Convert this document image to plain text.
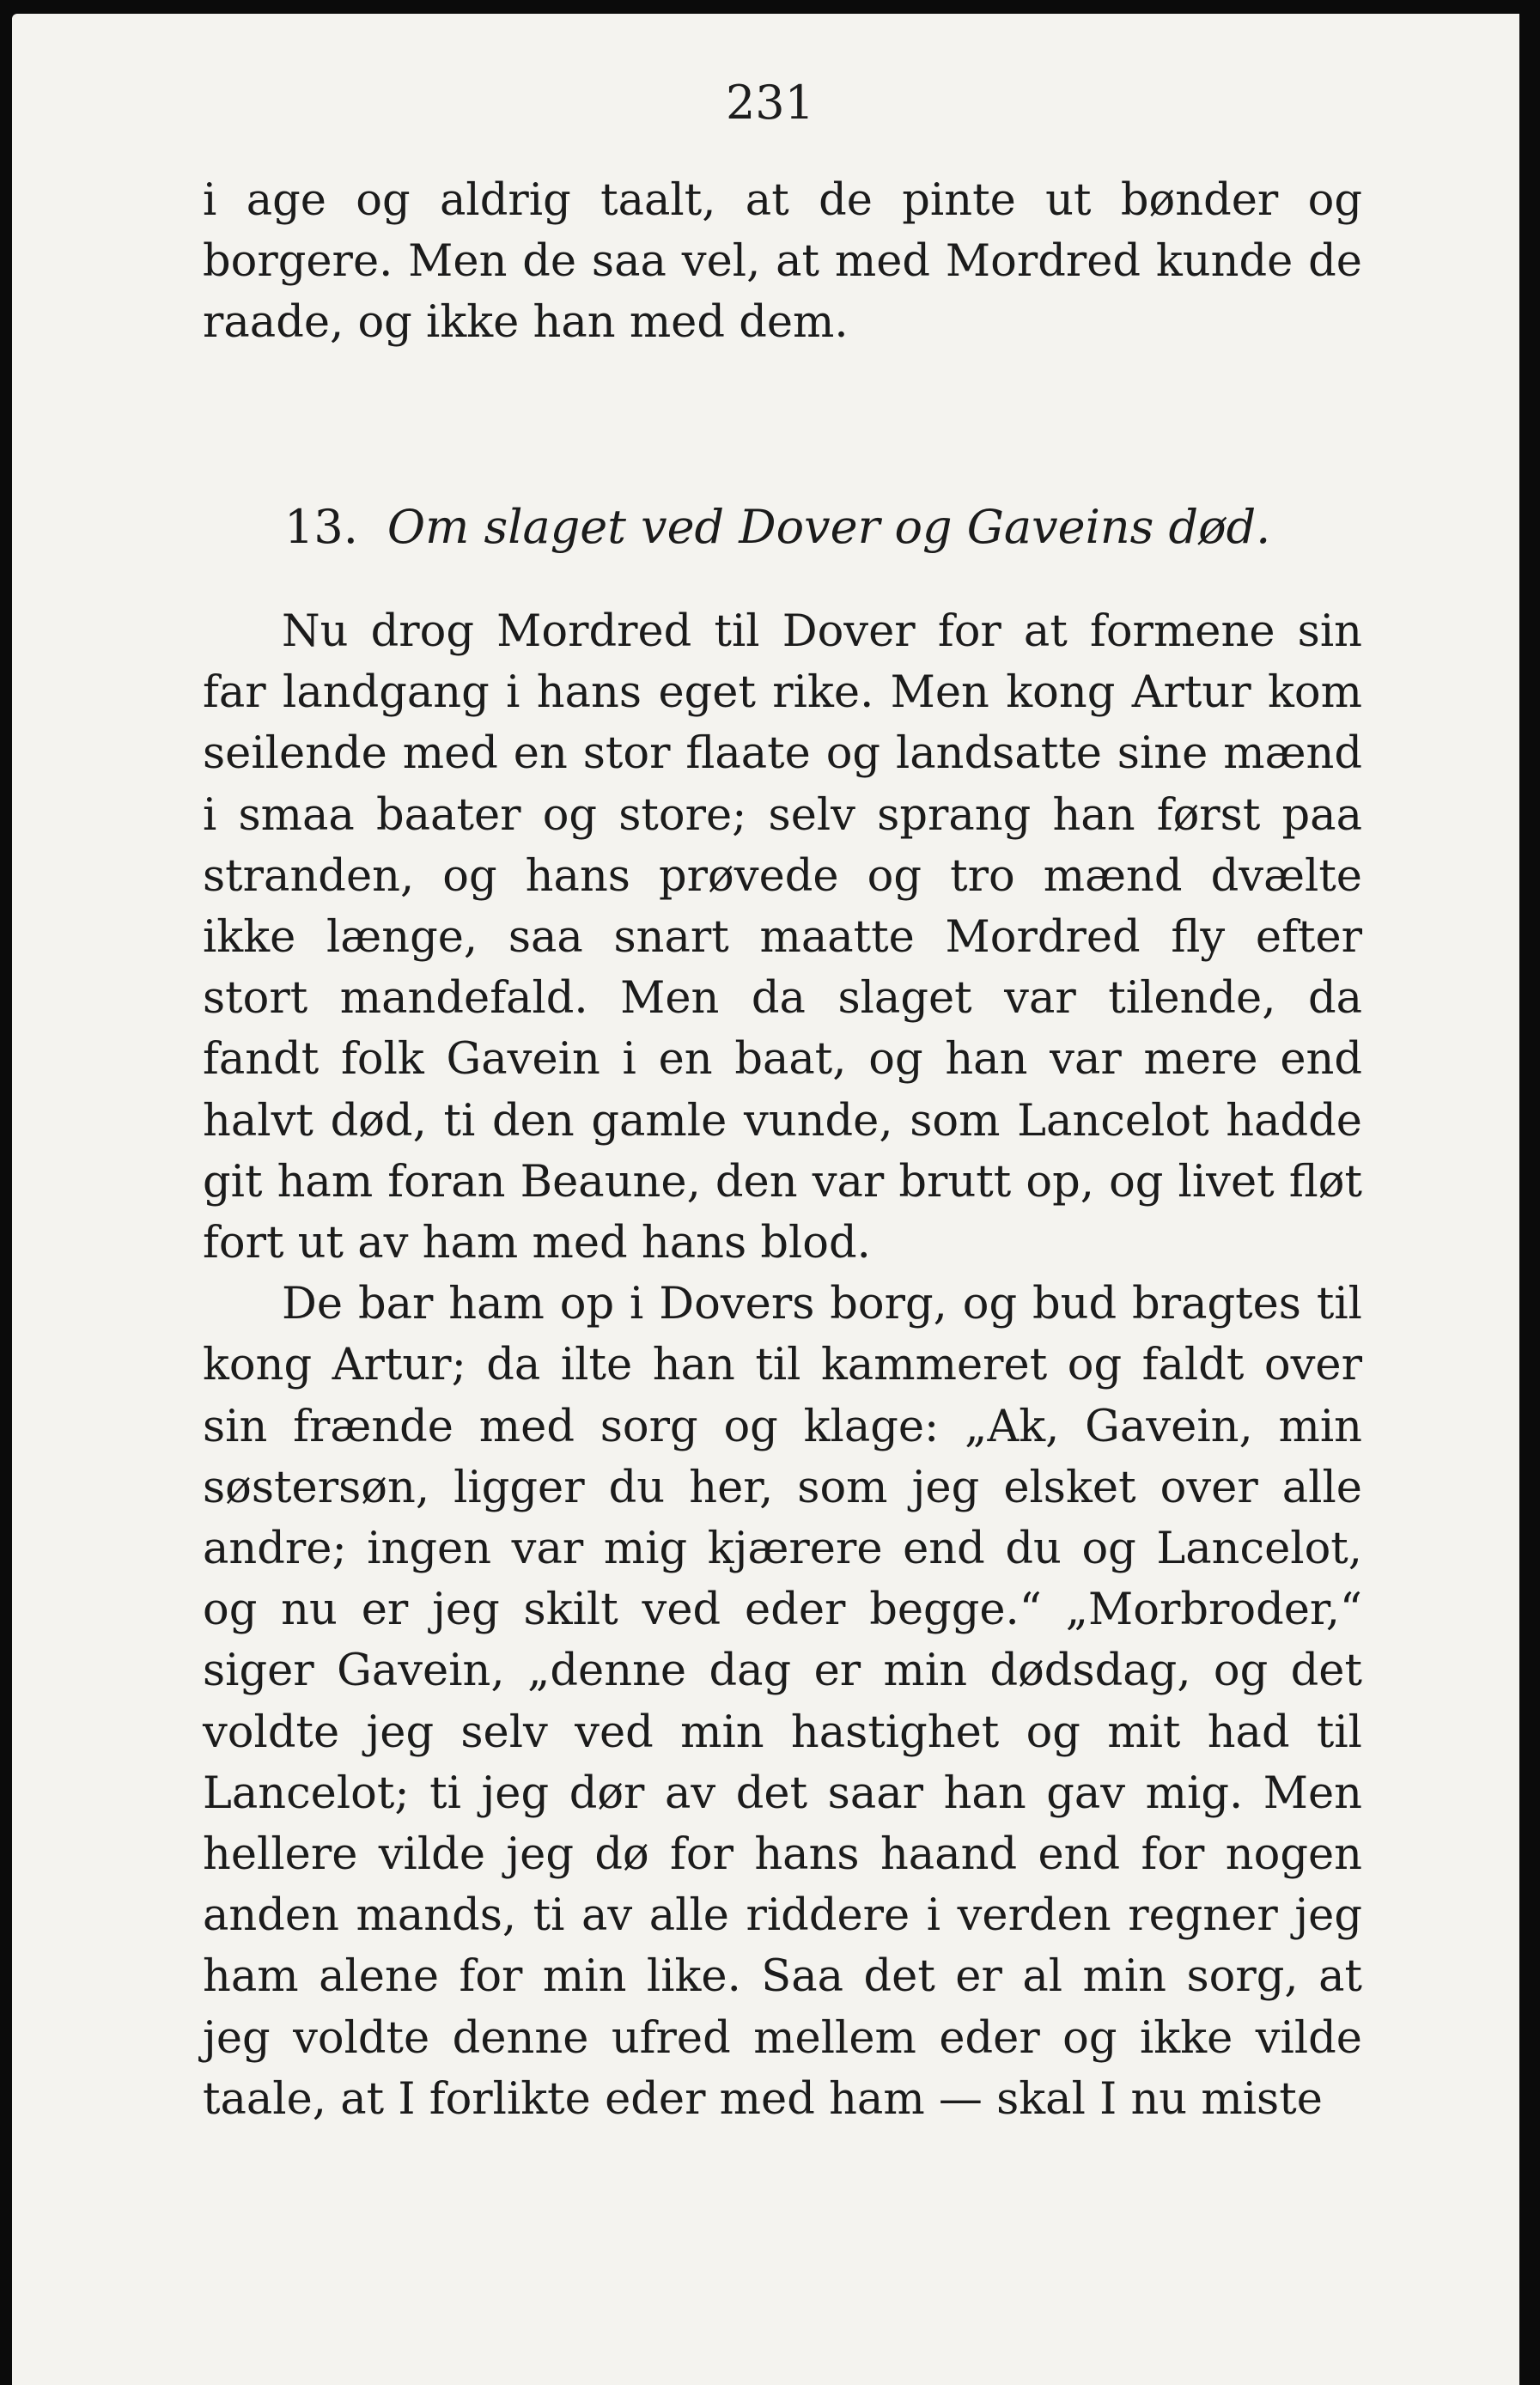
231

i age og aldrig taalt, at de pinte ut bønder og borgere. Men de saa vel, at med Mordred kunde de raade, og ikke han med dem.

13. Om slaget ved Dover og Gaveins død.

Nu drog Mordred til Dover for at formene sin far landgang i hans eget rike. Men kong Artur kom seilende med en stor flaate og landsatte sine mænd i smaa baater og store; selv sprang han først paa stranden, og hans prøvede og tro mænd dvælte ikke længe, saa snart maatte Mordred fly efter stort mandefald. Men da slaget var tilende, da fandt folk Gavein i en baat, og han var mere end halvt død, ti den gamle vunde, som Lancelot hadde git ham foran Beaune, den var brutt op, og livet fløt fort ut av ham med hans blod.

De bar ham op i Dovers borg, og bud bragtes til kong Artur; da ilte han til kammeret og faldt over sin frænde med sorg og klage: „Ak, Gavein, min søstersøn, ligger du her, som jeg elsket over alle andre; ingen var mig kjærere end du og Lancelot, og nu er jeg skilt ved eder begge.“ „Morbroder,“ siger Gavein, „denne dag er min dødsdag, og det voldte jeg selv ved min hastighet og mit had til Lancelot; ti jeg dør av det saar han gav mig. Men hellere vilde jeg dø for hans haand end for nogen anden mands, ti av alle riddere i verden regner jeg ham alene for min like. Saa det er al min sorg, at jeg voldte denne ufred mellem eder og ikke vilde taale, at I forlikte eder med ham — skal I nu miste
